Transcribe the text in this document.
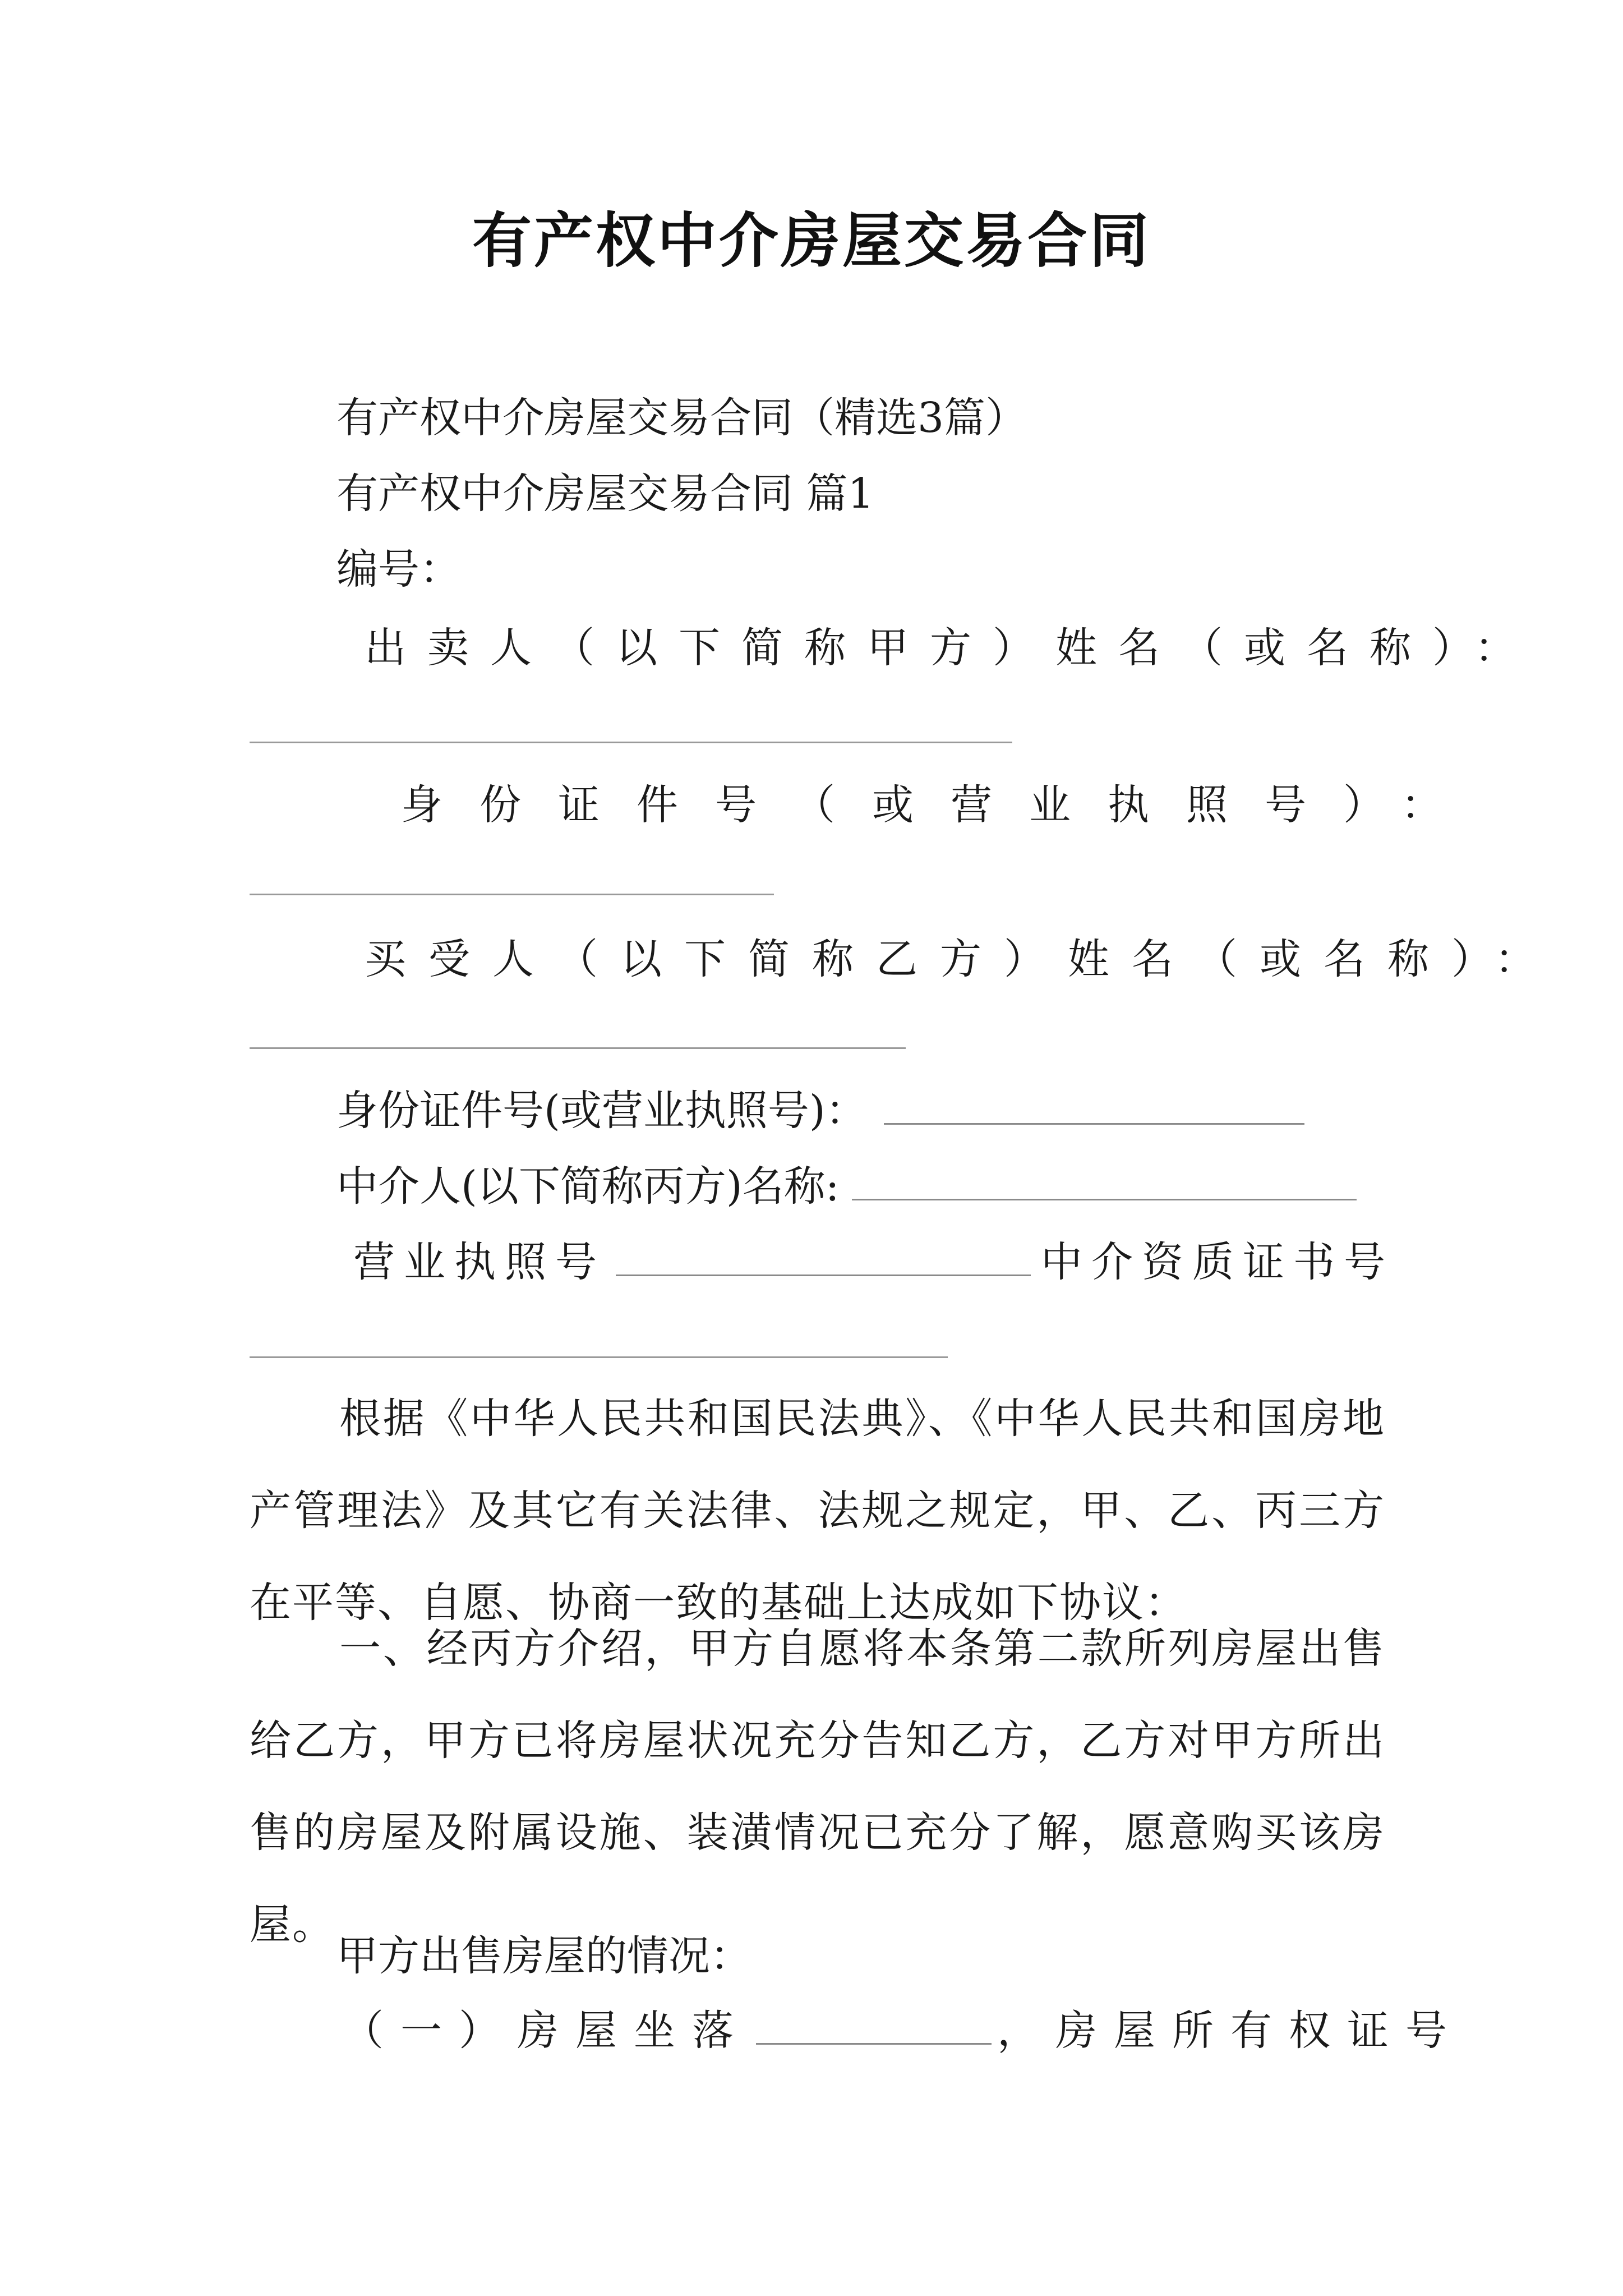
有产权中介房屋交易合同
有产权中介房屋交易合同（精选3篇）
有产权中介房屋交易合同 篇1
编号：
出卖人（以下简称甲方）姓名（或名称）：
身份证件号（或营业执照号）：
买受人（以下简称乙方）姓名（或名称）：
身份证件号(或营业执照号)：
中介人(以下简称丙方)名称:
营业执照号	中介资质证书号
根据《中华人民共和国民法典》、《中华人民共和国房地产管理法》及其它有关法律、法规之规定，甲、乙、丙三方在平等、自愿、协商一致的基础上达成如下协议：
一、经丙方介绍，甲方自愿将本条第二款所列房屋出售给乙方，甲方已将房屋状况充分告知乙方，乙方对甲方所出售的房屋及附属设施、装潢情况已充分了解，愿意购买该房屋。
甲方出售房屋的情况：
（一）房屋坐落	，房屋所有权证号
